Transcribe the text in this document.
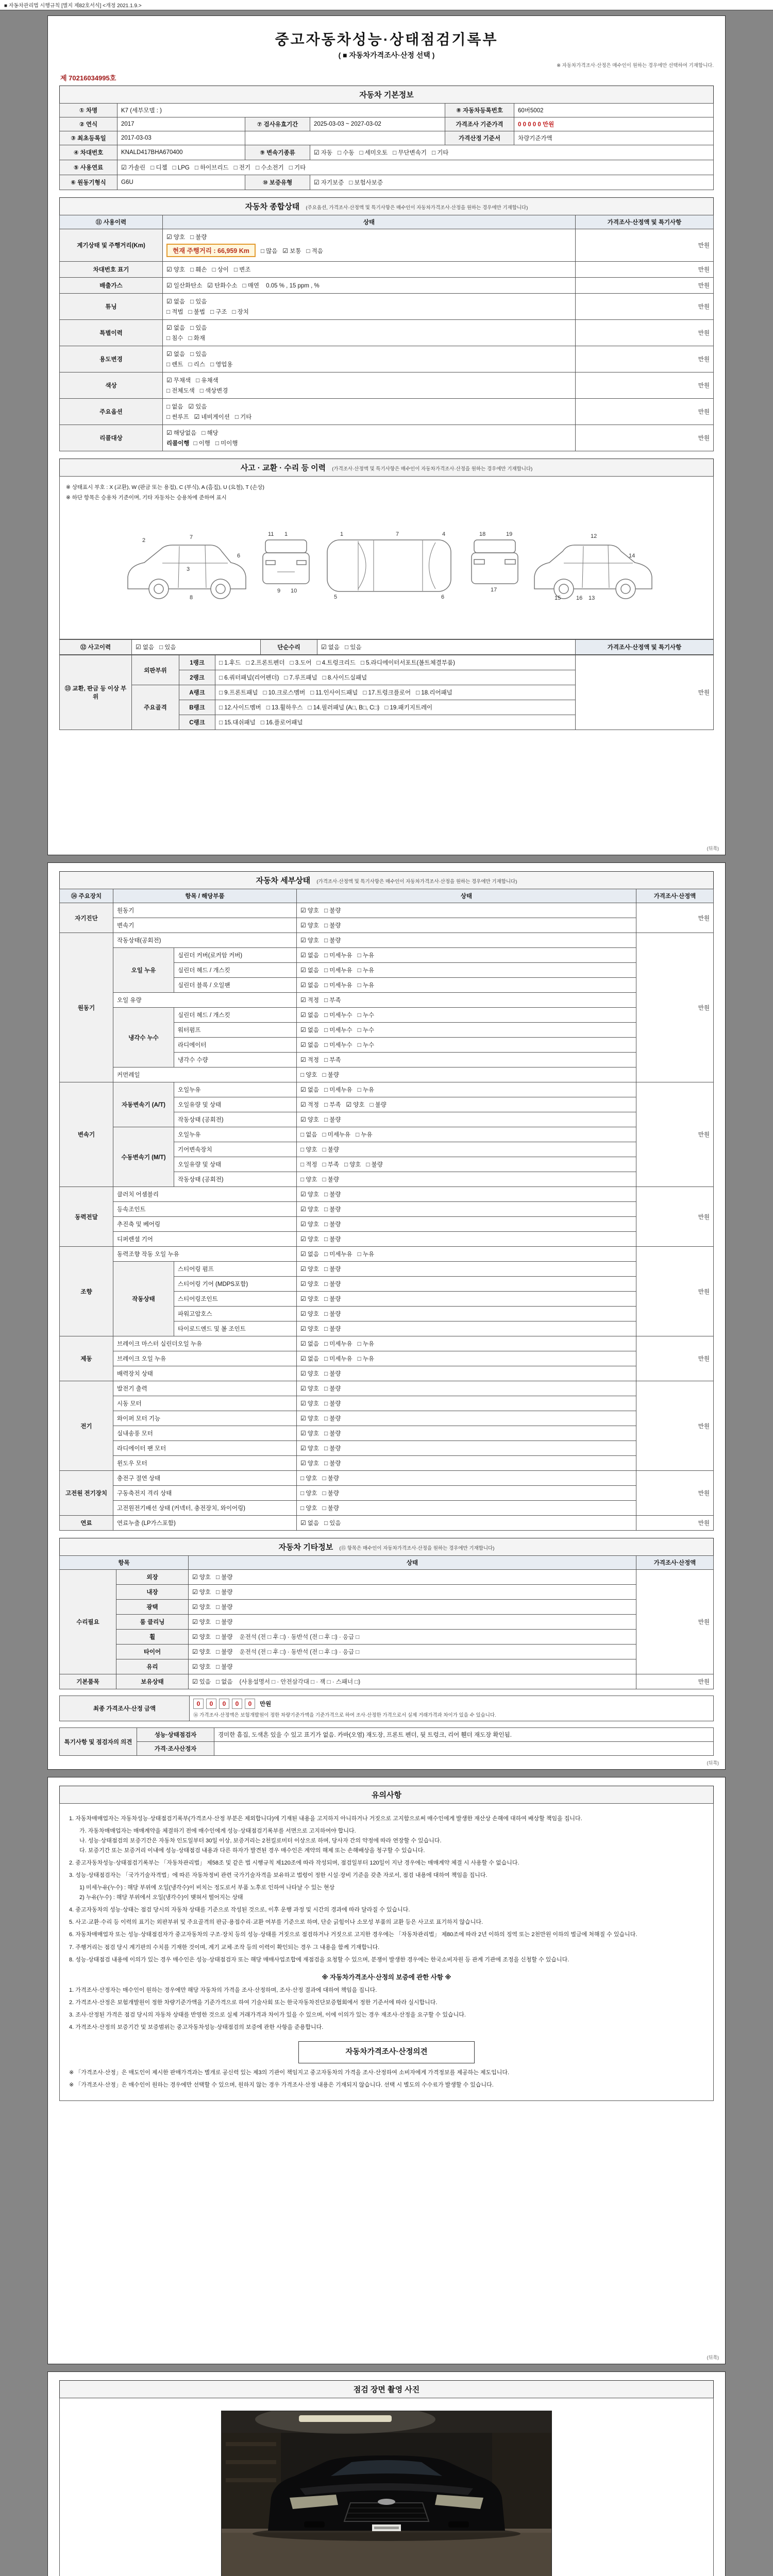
■ 자동차관리법 시행규칙 [별지 제82호서식] <개정 2021.1.9.>
중고자동차성능·상태점검기록부
( ■ 자동차가격조사·산정 선택 )
※ 자동차가격조사·산정은 매수인이 원하는 경우에만 선택하여 기재합니다.
제 70216034995호
자동차 기본정보
① 차명	K7 (세부모델 : )			⑧ 자동차등록번호	60버5002
② 연식	2017	⑦ 검사유효기간	2025-03-03 ~ 2027-03-02	가격조사 기준가격	0 0 0 0 0 만원
③ 최초등록일	2017-03-03			가격산정 기준서	차량기준가액
④ 차대번호	KNALD417BHA670400	⑨ 변속기종류	☑ 자동 □ 수동 □ 세미오토 □ 무단변속기 □ 기타		
⑤ 사용연료	☑ 가솔린 □ 디젤 □ LPG □ 하이브리드 □ 전기 □ 수소전기 □ 기타				
⑥ 원동기형식	G6U	⑩ 보증유형	☑ 자기보증 □ 보험사보증		
자동차 종합상태 (주요옵션, 가격조사·산정액 및 특기사항은 매수인이 자동차가격조사·산정을 원하는 경우에만 기재합니다)
⑪ 사용이력	상태	가격조사·산정액 및 특기사항
계기상태 및 주행거리(Km)	☑ 양호 □ 불량
현재 주행거리 : 66,959 Km □ 많음 ☑ 보통 □ 적음	만원
차대번호 표기	☑ 양호 □ 훼손 □ 상이 □ 변조	만원
배출가스	☑ 일산화탄소 ☑ 탄화수소 □ 매연 0.05 % , 15 ppm , %	만원
튜닝	☑ 없음 □ 있음
□ 적법 □ 불법 □ 구조 □ 장치	만원
특별이력	☑ 없음 □ 있음
□ 침수 □ 화재	만원
용도변경	☑ 없음 □ 있음
□ 렌트 □ 리스 □ 영업용	만원
색상	☑ 무채색 □ 유채색
□ 전체도색 □ 색상변경	만원
주요옵션	□ 없음 ☑ 있음
□ 썬루프 ☑ 네비게이션 □ 기타	만원
리콜대상	☑ 해당없음 □ 해당
리콜이행 □ 이행 □ 미이행	만원
사고 · 교환 · 수리 등 이력 (가격조사·산정액 및 특기사항은 매수인이 자동차가격조사·산정을 원하는 경우에만 기재합니다)
※ 상태표시 부호 : X (교환), W (판금 또는 용접), C (부식), A (흠집), U (요철), T (손상)
※ 하단 항목은 승용차 기준이며, 기타 자동차는 승용차에 준하여 표시
2	7
3
6
8
1
9 10
11	1	7	4
5	6
18
17
19	12
13
14
15	16
⑫ 사고이력	☑ 없음 □ 있음	단순수리	☑ 없음 □ 있음	가격조사·산정액 및 특기사항
⑬ 교환, 판금 등 이상 부위	외판부위	1랭크	□ 1.후드 □ 2.프론트펜더 □ 3.도어 □ 4.트렁크리드 □ 5.라디에이터서포트(볼트체결부품)	만원
		2랭크	□ 6.쿼터패널(리어펜더) □ 7.루프패널 □ 8.사이드실패널	
	주요골격	A랭크	□ 9.프론트패널 □ 10.크로스멤버 □ 11.인사이드패널 □ 17.트렁크플로어 □ 18.리어패널	
		B랭크	□ 12.사이드멤버 □ 13.휠하우스 □ 14.필러패널 (A□, B□, C□) □ 19.패키지트레이	
		C랭크	□ 15.대쉬패널 □ 16.플로어패널	
(뒤쪽)
자동차 세부상태 (가격조사·산정액 및 특기사항은 매수인이 자동차가격조사·산정을 원하는 경우에만 기재합니다)
⑭ 주요장치	항목 / 해당부품		상태	가격조사·산정액
자기진단	원동기		☑ 양호 □ 불량	만원
	변속기		☑ 양호 □ 불량	
원동기	작동상태(공회전)		☑ 양호 □ 불량	만원
	오일 누유	실린더 커버(로커암 커버)	☑ 없음 □ 미세누유 □ 누유	
		실린더 헤드 / 개스킷	☑ 없음 □ 미세누유 □ 누유	
		실린더 블록 / 오일팬	☑ 없음 □ 미세누유 □ 누유	
	오일 유량		☑ 적정 □ 부족	
	냉각수 누수	실린더 헤드 / 개스킷	☑ 없음 □ 미세누수 □ 누수	
		워터펌프	☑ 없음 □ 미세누수 □ 누수	
		라디에이터	☑ 없음 □ 미세누수 □ 누수	
		냉각수 수량	☑ 적정 □ 부족	
	커먼레일		□ 양호 □ 불량	
변속기	자동변속기 (A/T)	오일누유	☑ 없음 □ 미세누유 □ 누유	만원
		오일유량 및 상태	☑ 적정 □ 부족 ☑ 양호 □ 불량	
		작동상태 (공회전)	☑ 양호 □ 불량	
	수동변속기 (M/T)	오일누유	□ 없음 □ 미세누유 □ 누유	
		기어변속장치	□ 양호 □ 불량	
		오일유량 및 상태	□ 적정 □ 부족 □ 양호 □ 불량	
		작동상태 (공회전)	□ 양호 □ 불량	
동력전달	클러치 어셈블리		☑ 양호 □ 불량	만원
	등속조인트		☑ 양호 □ 불량	
	추진축 및 베어링		☑ 양호 □ 불량	
	디퍼렌셜 기어		☑ 양호 □ 불량	
조향	동력조향 작동 오일 누유		☑ 없음 □ 미세누유 □ 누유	만원
	작동상태	스티어링 펌프	☑ 양호 □ 불량	
		스티어링 기어 (MDPS포함)	☑ 양호 □ 불량	
		스티어링조인트	☑ 양호 □ 불량	
		파워고압호스	☑ 양호 □ 불량	
		타이로드엔드 및 볼 조인트	☑ 양호 □ 불량	
제동	브레이크 마스터 실린더오일 누유		☑ 없음 □ 미세누유 □ 누유	만원
	브레이크 오일 누유		☑ 없음 □ 미세누유 □ 누유	
	배력장치 상태		☑ 양호 □ 불량	
전기	발전기 출력		☑ 양호 □ 불량	만원
	시동 모터		☑ 양호 □ 불량	
	와이퍼 모터 기능		☑ 양호 □ 불량	
	실내송풍 모터		☑ 양호 □ 불량	
	라디에이터 팬 모터		☑ 양호 □ 불량	
	윈도우 모터		☑ 양호 □ 불량	
고전원 전기장치	충전구 절연 상태		□ 양호 □ 불량	만원
	구동축전지 격리 상태		□ 양호 □ 불량	
	고전원전기배선 상태 (커넥터, 충전장치, 와이어링)		□ 양호 □ 불량	
연료	연료누출 (LP가스포함)		☑ 없음 □ 있음	만원
자동차 기타정보 (⑮ 항목은 매수인이 자동차가격조사·산정을 원하는 경우에만 기재합니다)
항목		상태	가격조사·산정액
수리필요	외장	☑ 양호 □ 불량	만원
	내장	☑ 양호 □ 불량	
	광택	☑ 양호 □ 불량	
	룸 클리닝	☑ 양호 □ 불량	
	휠	☑ 양호 □ 불량 운전석 (전 □ 후 □) · 동반석 (전 □ 후 □) · 응급 □	
	타이어	☑ 양호 □ 불량 운전석 (전 □ 후 □) · 동반석 (전 □ 후 □) · 응급 □	
	유리	☑ 양호 □ 불량	
기본품목	보유상태	☑ 있음 □ 없음 (사용설명서 □ · 안전삼각대 □ · 잭 □ · 스패너 □)	만원
최종 가격조사·산정 금액	0 0 0 0 0 만원
⑯ 가격조사·산정액은 보험개발원이 정한 차량기준가액을 기준가격으로 하여 조사·산정한 가격으로서 실제 거래가격과 차이가 있을 수 있습니다.
특기사항 및 점검자의 의견	성능·상태점검자	경미한 흠집, 도색흔 있을 수 있고 표기가 없음. 카바(오염) 재도장, 프론트 펜더, 뒷 트렁크, 리어 휀더 재도장 확인됨.
	가격·조사산정자	
(뒤쪽)
유의사항
1. 자동차매매업자는 자동차성능·상태점검기록부(가격조사·산정 부분은 제외합니다)에 기재된 내용을 고지하지 아니하거나 거짓으로 고지함으로써 매수인에게 발생한 재산상 손해에 대하여 배상할 책임을 집니다.
가. 자동차매매업자는 매매계약을 체결하기 전에 매수인에게 성능·상태점검기록부를 서면으로 고지하여야 합니다.
나. 성능·상태점검의 보증기간은 자동차 인도일부터 30일 이상, 보증거리는 2천킬로미터 이상으로 하며, 당사자 간의 약정에 따라 연장할 수 있습니다.
다. 보증기간 또는 보증거리 이내에 성능·상태점검 내용과 다른 하자가 발견된 경우 매수인은 계약의 해제 또는 손해배상을 청구할 수 있습니다.
2. 중고자동차성능·상태점검기록부는 「자동차관리법」 제58조 및 같은 법 시행규칙 제120조에 따라 작성되며, 점검일부터 120일이 지난 경우에는 매매계약 체결 시 사용할 수 없습니다.
3. 성능·상태점검자는 「국가기술자격법」에 따른 자동차정비 관련 국가기술자격을 보유하고 법령이 정한 시설·장비 기준을 갖춘 자로서, 점검 내용에 대하여 책임을 집니다.
1) 미세누유(누수) : 해당 부위에 오일(냉각수)이 비치는 정도로서 부품 노후로 인하여 나타날 수 있는 현상
2) 누유(누수) : 해당 부위에서 오일(냉각수)이 맺혀서 떨어지는 상태
4. 중고자동차의 성능·상태는 점검 당시의 자동차 상태를 기준으로 작성된 것으로, 이후 운행 과정 및 시간의 경과에 따라 달라질 수 있습니다.
5. 사고·교환·수리 등 이력의 표기는 외판부위 및 주요골격의 판금·용접수리·교환 여부를 기준으로 하며, 단순 긁힘이나 소모성 부품의 교환 등은 사고로 표기하지 않습니다.
6. 자동차매매업자 또는 성능·상태점검자가 중고자동차의 구조·장치 등의 성능·상태를 거짓으로 점검하거나 거짓으로 고지한 경우에는 「자동차관리법」 제80조에 따라 2년 이하의 징역 또는 2천만원 이하의 벌금에 처해질 수 있습니다.
7. 주행거리는 점검 당시 계기판의 수치를 기재한 것이며, 계기 교체·조작 등의 이력이 확인되는 경우 그 내용을 함께 기재합니다.
8. 성능·상태점검 내용에 이의가 있는 경우 매수인은 성능·상태점검자 또는 해당 매매사업조합에 재점검을 요청할 수 있으며, 분쟁이 발생한 경우에는 한국소비자원 등 관계 기관에 조정을 신청할 수 있습니다.
※ 자동차가격조사·산정의 보증에 관한 사항 ※
1. 가격조사·산정자는 매수인이 원하는 경우에만 해당 자동차의 가격을 조사·산정하며, 조사·산정 결과에 대하여 책임을 집니다.
2. 가격조사·산정은 보험개발원이 정한 차량기준가액을 기준가격으로 하여 기술사회 또는 한국자동차진단보증협회에서 정한 기준서에 따라 실시합니다.
3. 조사·산정된 가격은 점검 당시의 자동차 상태를 반영한 것으로 실제 거래가격과 차이가 있을 수 있으며, 이에 이의가 있는 경우 재조사·산정을 요구할 수 있습니다.
4. 가격조사·산정의 보증기간 및 보증범위는 중고자동차성능·상태점검의 보증에 관한 사항을 준용합니다.
자동차가격조사·산정의견
※ 「가격조사·산정」은 매도인이 제시한 판매가격과는 별개로 공신력 있는 제3의 기관이 책임지고 중고자동차의 가격을 조사·산정하여 소비자에게 가격정보를 제공하는 제도입니다.
※ 「가격조사·산정」은 매수인이 원하는 경우에만 선택할 수 있으며, 원하지 않는 경우 가격조사·산정 내용은 기재되지 않습니다. 선택 시 별도의 수수료가 발생할 수 있습니다.
(뒤쪽)
점검 장면 촬영 사진
